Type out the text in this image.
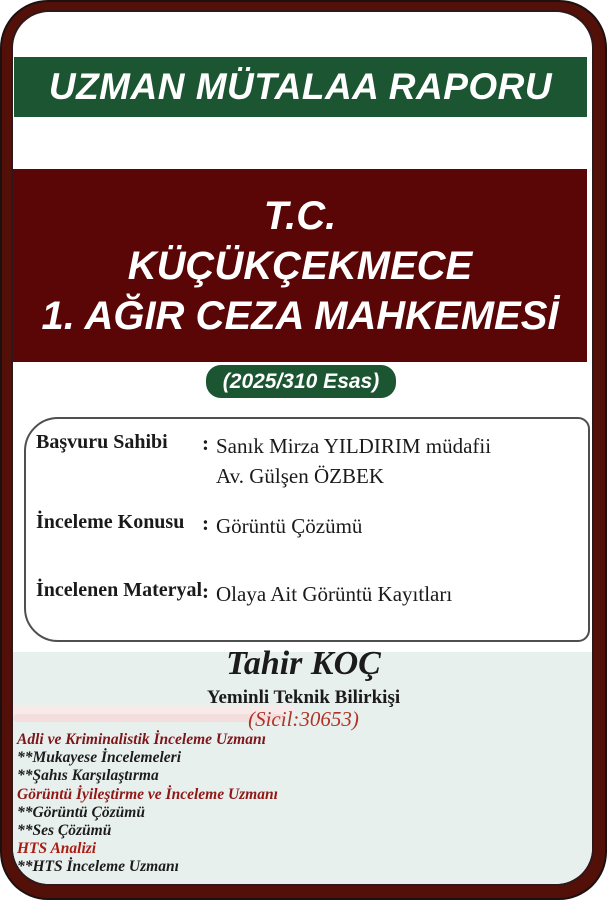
UZMAN MÜTALAA RAPORU
T.C.
KÜÇÜKÇEKMECE
1. AĞIR CEZA MAHKEMESİ
(2025/310 Esas)
Başvuru Sahibi	: Sanık Mirza YILDIRIM müdafii
Av. Gülşen ÖZBEK
İnceleme Konusu : Görüntü Çözümü
İncelenen Materyal : Olaya Ait Görüntü Kayıtları
Tahir KOÇ
Yeminli Teknik Bilirkişi
(Sicil:30653)
Adli ve Kriminalistik İnceleme Uzmanı
**Mukayese İncelemeleri
**Şahıs Karşılaştırma
Görüntü İyileştirme ve İnceleme Uzmanı
**Görüntü Çözümü
**Ses Çözümü
HTS Analizi
**HTS İnceleme Uzmanı
